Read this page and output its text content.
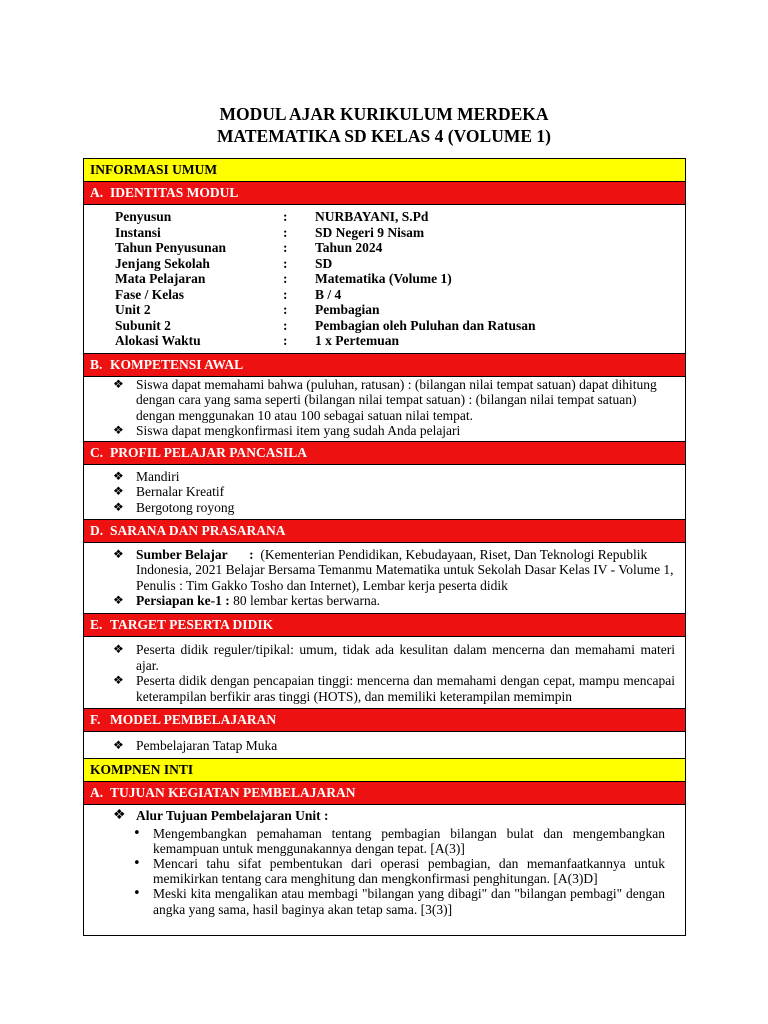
MODUL AJAR KURIKULUM MERDEKA
MATEMATIKA SD KELAS 4 (VOLUME 1)
INFORMASI UMUM
A. IDENTITAS MODUL
Penyusun	:	NURBAYANI, S.Pd
Instansi	:	SD Negeri 9 Nisam
Tahun Penyusunan	:	Tahun 2024
Jenjang Sekolah	:	SD
Mata Pelajaran	:	Matematika (Volume 1)
Fase / Kelas	:	B / 4
Unit 2	:	Pembagian
Subunit 2	:	Pembagian oleh Puluhan dan Ratusan
Alokasi Waktu	:	1 x Pertemuan
B. KOMPETENSI AWAL
❖ Siswa dapat memahami bahwa (puluhan, ratusan) : (bilangan nilai tempat satuan) dapat dihitung dengan cara yang sama seperti (bilangan nilai tempat satuan) : (bilangan nilai tempat satuan) dengan menggunakan 10 atau 100 sebagai satuan nilai tempat.
❖ Siswa dapat mengkonfirmasi item yang sudah Anda pelajari
C. PROFIL PELAJAR PANCASILA
❖ Mandiri
❖ Bernalar Kreatif
❖ Bergotong royong
D. SARANA DAN PRASARANA
❖ Sumber Belajar : (Kementerian Pendidikan, Kebudayaan, Riset, Dan Teknologi Republik Indonesia, 2021 Belajar Bersama Temanmu Matematika untuk Sekolah Dasar Kelas IV - Volume 1, Penulis : Tim Gakko Tosho dan Internet), Lembar kerja peserta didik
❖ Persiapan ke-1 : 80 lembar kertas berwarna.
E. TARGET PESERTA DIDIK
❖ Peserta didik reguler/tipikal: umum, tidak ada kesulitan dalam mencerna dan memahami materi ajar.
❖ Peserta didik dengan pencapaian tinggi: mencerna dan memahami dengan cepat, mampu mencapai keterampilan berfikir aras tinggi (HOTS), dan memiliki keterampilan memimpin
F. MODEL PEMBELAJARAN
❖ Pembelajaran Tatap Muka
KOMPNEN INTI
A. TUJUAN KEGIATAN PEMBELAJARAN
❖ Alur Tujuan Pembelajaran Unit :
• Mengembangkan pemahaman tentang pembagian bilangan bulat dan mengembangkan kemampuan untuk menggunakannya dengan tepat. [A(3)]
• Mencari tahu sifat pembentukan dari operasi pembagian, dan memanfaatkannya untuk memikirkan tentang cara menghitung dan mengkonfirmasi penghitungan. [A(3)D]
• Meski kita mengalikan atau membagi "bilangan yang dibagi" dan "bilangan pembagi" dengan angka yang sama, hasil baginya akan tetap sama. [3(3)]
